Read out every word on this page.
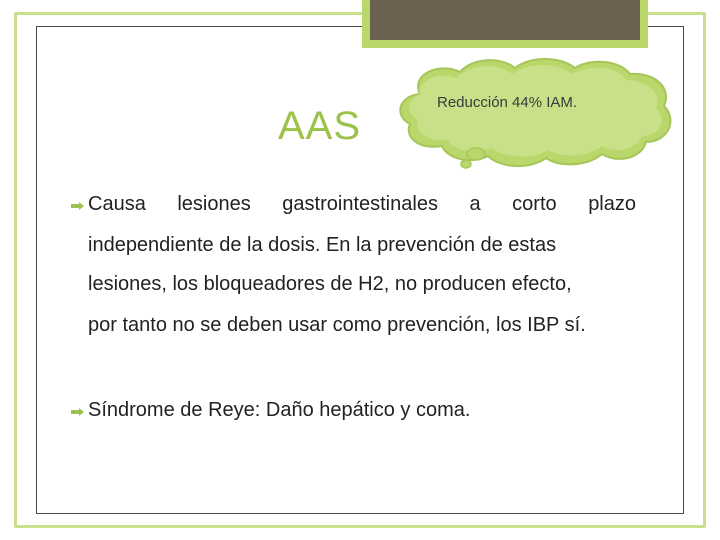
AAS
Reducción 44% IAM.
Causa lesiones gastrointestinales a corto plazo
independiente de la dosis. En la prevención de estas
lesiones, los bloqueadores de H2, no producen efecto,
por tanto no se deben usar como prevención, los IBP sí.
Síndrome de Reye: Daño hepático y coma.
